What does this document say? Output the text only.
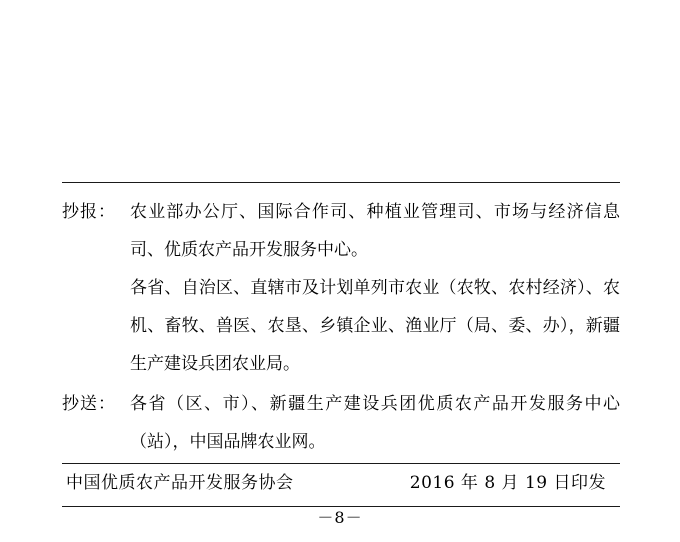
抄报： 农业部办公厅、国际合作司、种植业管理司、市场与经济信息司、优质农产品开发服务中心。

各省、自治区、直辖市及计划单列市农业（农牧、农村经济）、农机、畜牧、兽医、农垦、乡镇企业、渔业厅（局、委、办），新疆生产建设兵团农业局。

抄送： 各省（区、市）、新疆生产建设兵团优质农产品开发服务中心（站），中国品牌农业网。

中国优质农产品开发服务协会	2016 年 8 月 19 日印发
－8－
